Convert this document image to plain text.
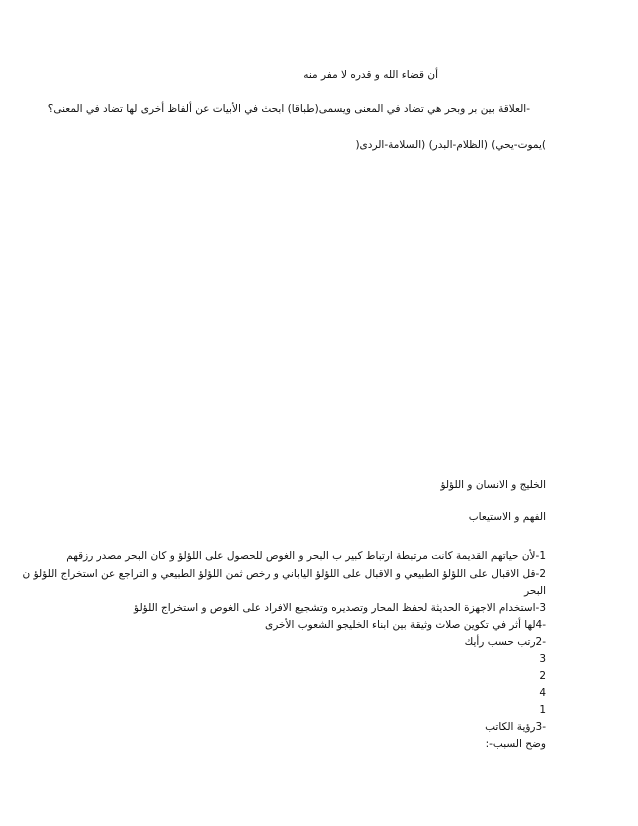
أن قضاء الله و قدره لا مفر منه
-العلاقة بين بر وبحر هي تضاد في المعنى ويسمى(طباقا) ابحث في الأبيات عن ألفاظ أخرى لها تضاد في المعنى؟
)يموت-يحي) (الظلام-البدر) (السلامة-الردى(
الخليج و الانسان و اللؤلؤ
الفهم و الاستيعاب
1-لأن حياتهم القديمة كانت مرتبطة ارتباط كبير ب البحر و الغوص للحصول على اللؤلؤ و كان البحر مصدر رزقهم
2-قل الاقبال على اللؤلؤ الطبيعي و الاقبال على اللؤلؤ الياباني و رخص ثمن اللؤلؤ الطبيعي و التراجع عن استخراج اللؤلؤ ن
البحر
3-استخدام الاجهزة الحديثة لحفظ المحار وتصديره وتشجيع الافراد على الغوص و استخراج اللؤلؤ
-4لها أثر في تكوين صلات وثيقة بين ابناء الخليجو الشعوب الأخرى
-2رتب حسب رأيك
3
2
4
1
-3رؤية الكاتب
وضح السبب-:
